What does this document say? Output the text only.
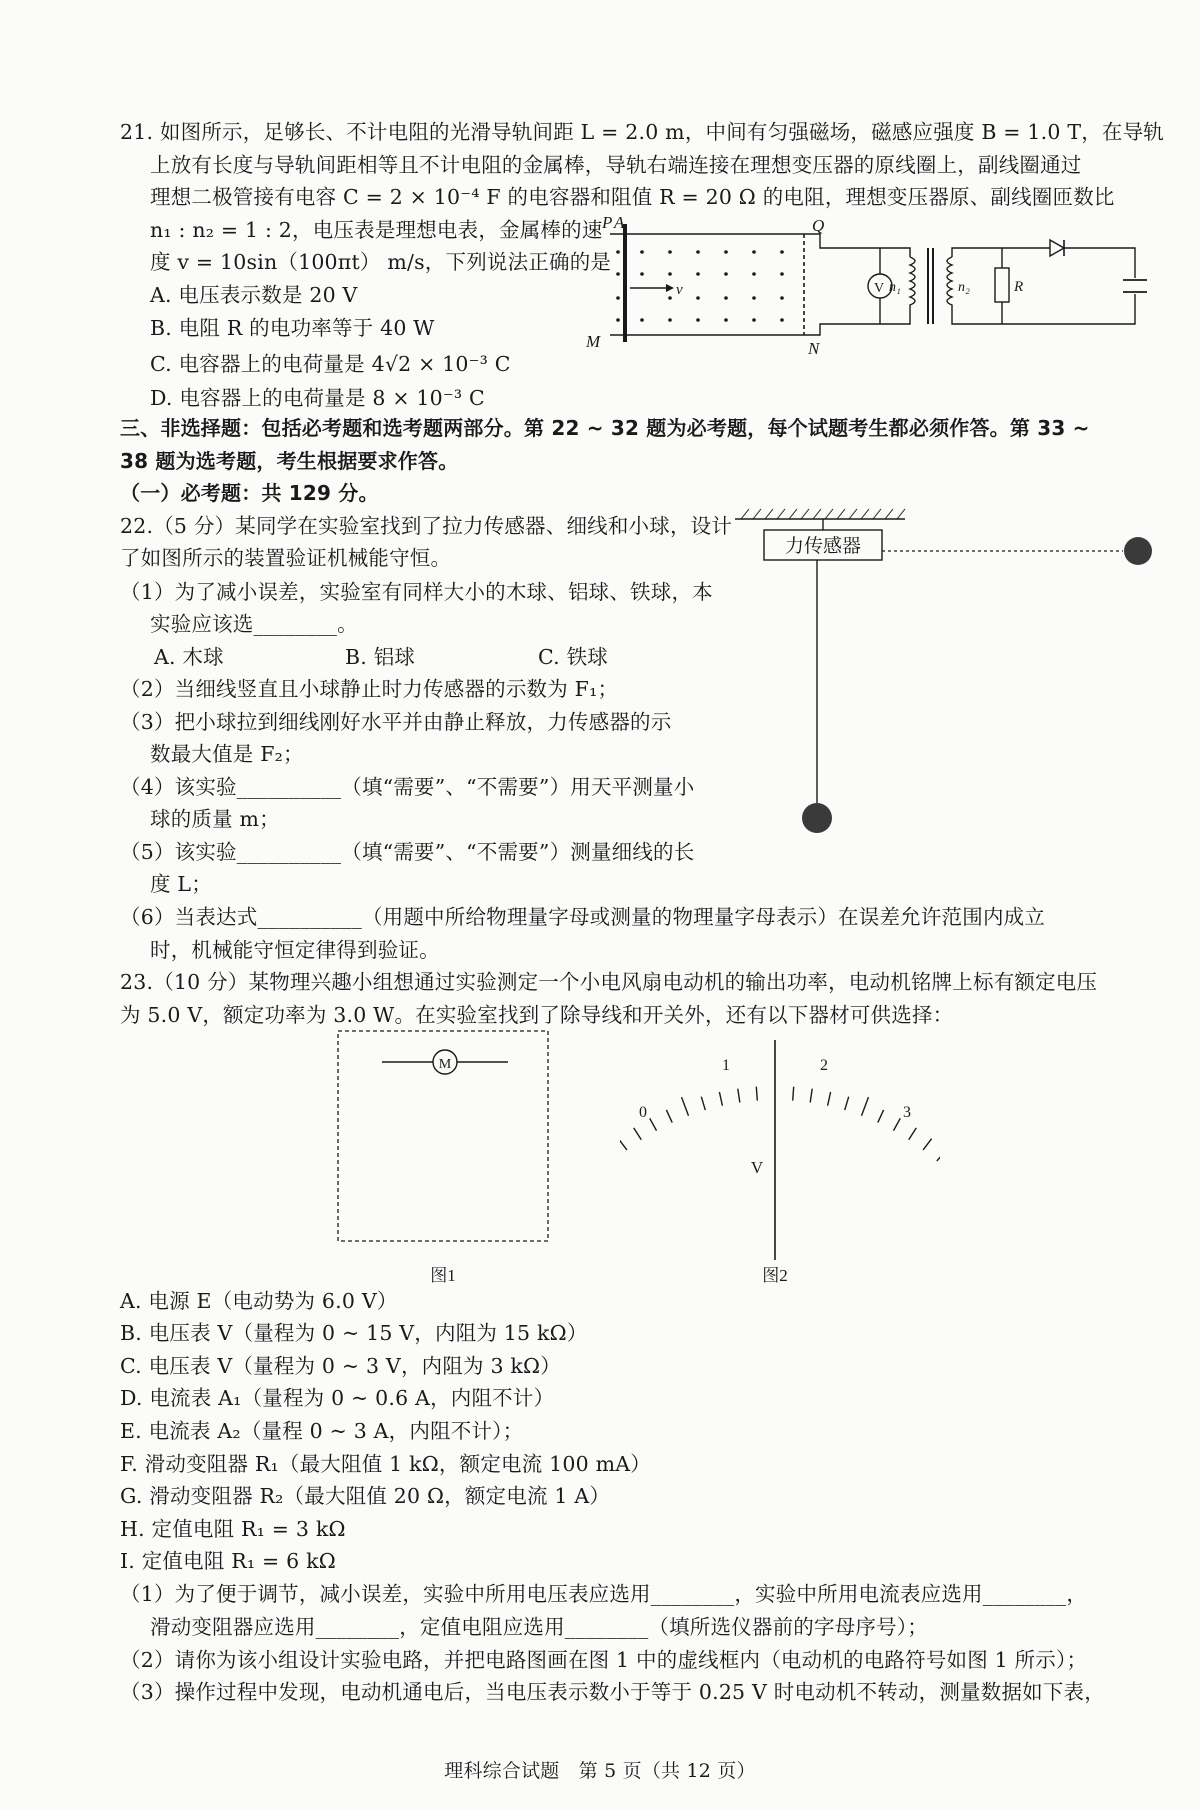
21. 如图所示，足够长、不计电阻的光滑导轨间距 L = 2.0 m，中间有匀强磁场，磁感应强度 B = 1.0 T，在导轨
上放有长度与导轨间距相等且不计电阻的金属棒，导轨右端连接在理想变压器的原线圈上，副线圈通过
理想二极管接有电容 C = 2 × 10⁻⁴ F 的电容器和阻值 R = 20 Ω 的电阻，理想变压器原、副线圈匝数比
n₁ : n₂ = 1 : 2，电压表是理想电表，金属棒的速
度 v = 10sin（100πt） m/s，下列说法正确的是
A. 电压表示数是 20 V
B. 电阻 R 的电功率等于 40 W
C. 电容器上的电荷量是 4√2 × 10⁻³ C
D. 电容器上的电荷量是 8 × 10⁻³ C
P A
M
Q
N
v	V n₁	n₂	R
三、非选择题：包括必考题和选考题两部分。第 22 ~ 32 题为必考题，每个试题考生都必须作答。第 33 ~
38 题为选考题，考生根据要求作答。
（一）必考题：共 129 分。
22.（5 分）某同学在实验室找到了拉力传感器、细线和小球，设计
了如图所示的装置验证机械能守恒。
（1）为了减小误差，实验室有同样大小的木球、铝球、铁球，本
实验应该选________。
A. 木球	B. 铝球	C. 铁球
（2）当细线竖直且小球静止时力传感器的示数为 F₁；
（3）把小球拉到细线刚好水平并由静止释放，力传感器的示
数最大值是 F₂；
（4）该实验__________（填“需要”、“不需要”）用天平测量小
球的质量 m；
（5）该实验__________（填“需要”、“不需要”）测量细线的长
度 L；
（6）当表达式__________（用题中所给物理量字母或测量的物理量字母表示）在误差允许范围内成立
时，机械能守恒定律得到验证。
力传感器
23.（10 分）某物理兴趣小组想通过实验测定一个小电风扇电动机的输出功率，电动机铭牌上标有额定电压
为 5.0 V，额定功率为 3.0 W。在实验室找到了除导线和开关外，还有以下器材可供选择：
M
图1
0
1	2
3
V
图2
A. 电源 E（电动势为 6.0 V）
B. 电压表 V（量程为 0 ~ 15 V，内阻为 15 kΩ）
C. 电压表 V（量程为 0 ~ 3 V，内阻为 3 kΩ）
D. 电流表 A₁（量程为 0 ~ 0.6 A，内阻不计）
E. 电流表 A₂（量程 0 ~ 3 A，内阻不计）；
F. 滑动变阻器 R₁（最大阻值 1 kΩ，额定电流 100 mA）
G. 滑动变阻器 R₂（最大阻值 20 Ω，额定电流 1 A）
H. 定值电阻 R₁ = 3 kΩ
I. 定值电阻 R₁ = 6 kΩ
（1）为了便于调节，减小误差，实验中所用电压表应选用________，实验中所用电流表应选用________，
滑动变阻器应选用________，定值电阻应选用________（填所选仪器前的字母序号）；
（2）请你为该小组设计实验电路，并把电路图画在图 1 中的虚线框内（电动机的电路符号如图 1 所示）；
（3）操作过程中发现，电动机通电后，当电压表示数小于等于 0.25 V 时电动机不转动，测量数据如下表，
理科综合试题　第 5 页（共 12 页）
